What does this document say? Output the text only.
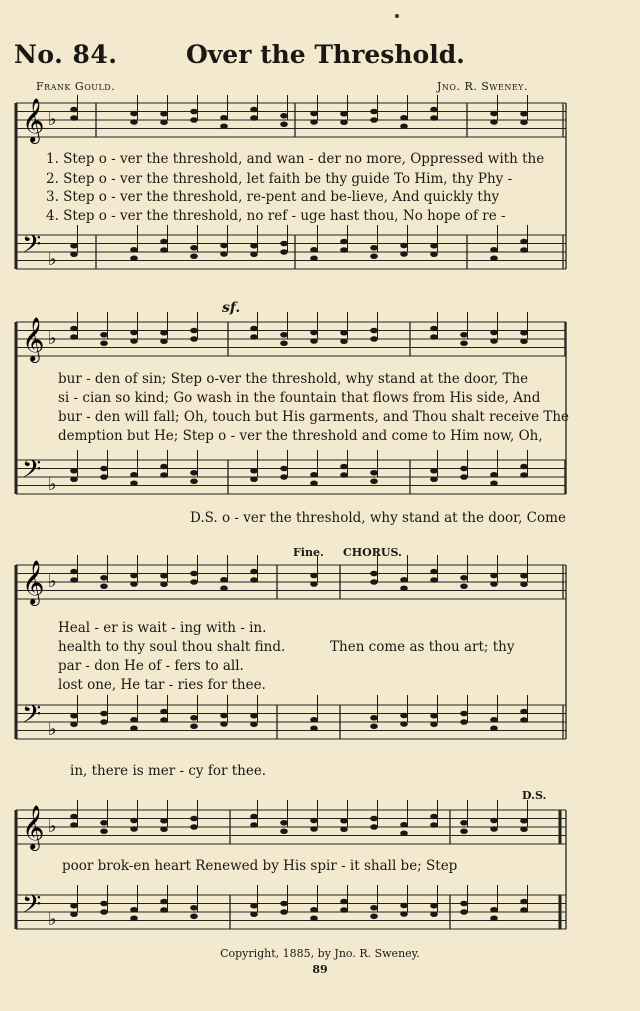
No. 84.	Over the Threshold.
Frank Gould.	Jno. R. Sweney.
𝄞 ♭
𝄢 ♭
1. Step o - ver the threshold, and wan - der no more, Oppressed with the
2. Step o - ver the threshold, let faith be thy guide To Him, thy Phy -
3. Step o - ver the threshold, re-pent and be-lieve, And quickly thy
4. Step o - ver the threshold, no ref - uge hast thou, No hope of re -
𝄞 ♭
𝄢 ♭
sf.
bur - den of sin; Step o-ver the threshold, why stand at the door, The
si - cian so kind; Go wash in the fountain that flows from His side, And
bur - den will fall; Oh, touch but His garments, and Thou shalt receive The
demption but He; Step o - ver the threshold and come to Him now, Oh,
D.S. o - ver the threshold, why stand at the door, Come
𝄞 ♭
𝄢 ♭
Fine. CHORUS.
Heal - er is wait - ing with - in.
health to thy soul thou shalt find.
par - don He of - fers to all.
lost one, He tar - ries for thee.
Then come as thou art; thy
in, there is mer - cy for thee.
𝄞 ♭
𝄢 ♭
D.S.
poor brok-en heart Renewed by His spir - it shall be; Step
Copyright, 1885, by Jno. R. Sweney.
89
